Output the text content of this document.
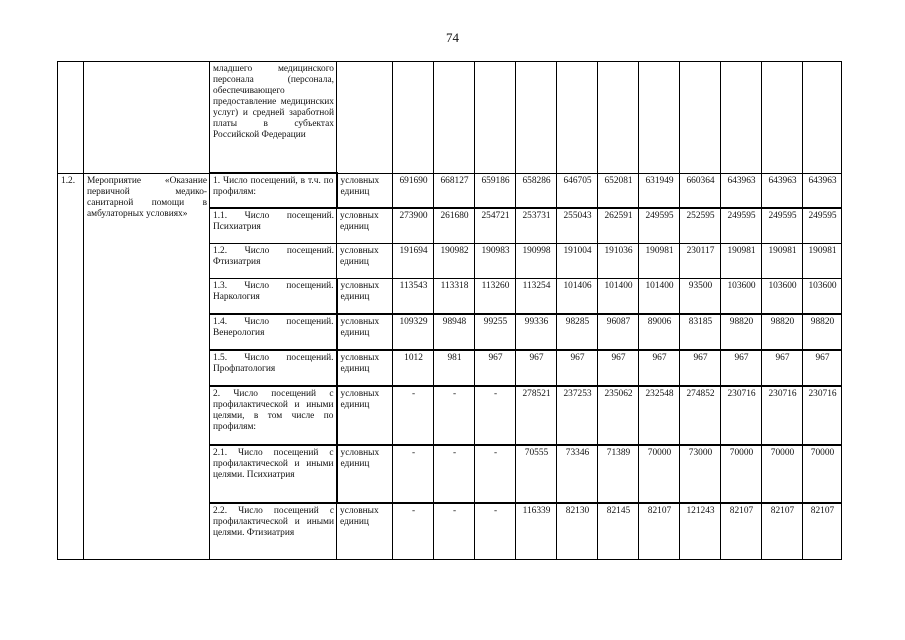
74
		младшего медицинского персонала (персонала, обеспечивающего предоставление медицинских услуг) и средней заработной платы в субъектах Российской Федерации												
1.2.	Мероприятие «Оказание первичной медико-санитарной помощи в амбулаторных условиях»	1. Число посещений, в т.ч. по профилям:	условных единиц	691690	668127	659186	658286	646705	652081	631949	660364	643963	643963	643963
		1.1. Число посещений. Психиатрия	условных единиц	273900	261680	254721	253731	255043	262591	249595	252595	249595	249595	249595
		1.2. Число посещений. Фтизиатрия	условных единиц	191694	190982	190983	190998	191004	191036	190981	230117	190981	190981	190981
		1.3. Число посещений. Наркология	условных единиц	113543	113318	113260	113254	101406	101400	101400	93500	103600	103600	103600
		1.4. Число посещений. Венерология	условных единиц	109329	98948	99255	99336	98285	96087	89006	83185	98820	98820	98820
		1.5. Число посещений. Профпатология	условных единиц	1012	981	967	967	967	967	967	967	967	967	967
		2. Число посещений с профилактической и иными целями, в том числе по профилям:	условных единиц	-	-	-	278521	237253	235062	232548	274852	230716	230716	230716
		2.1. Число посещений с профилактической и иными целями. Психиатрия	условных единиц	-	-	-	70555	73346	71389	70000	73000	70000	70000	70000
		2.2. Число посещений с профилактической и иными целями. Фтизиатрия	условных единиц	-	-	-	116339	82130	82145	82107	121243	82107	82107	82107
